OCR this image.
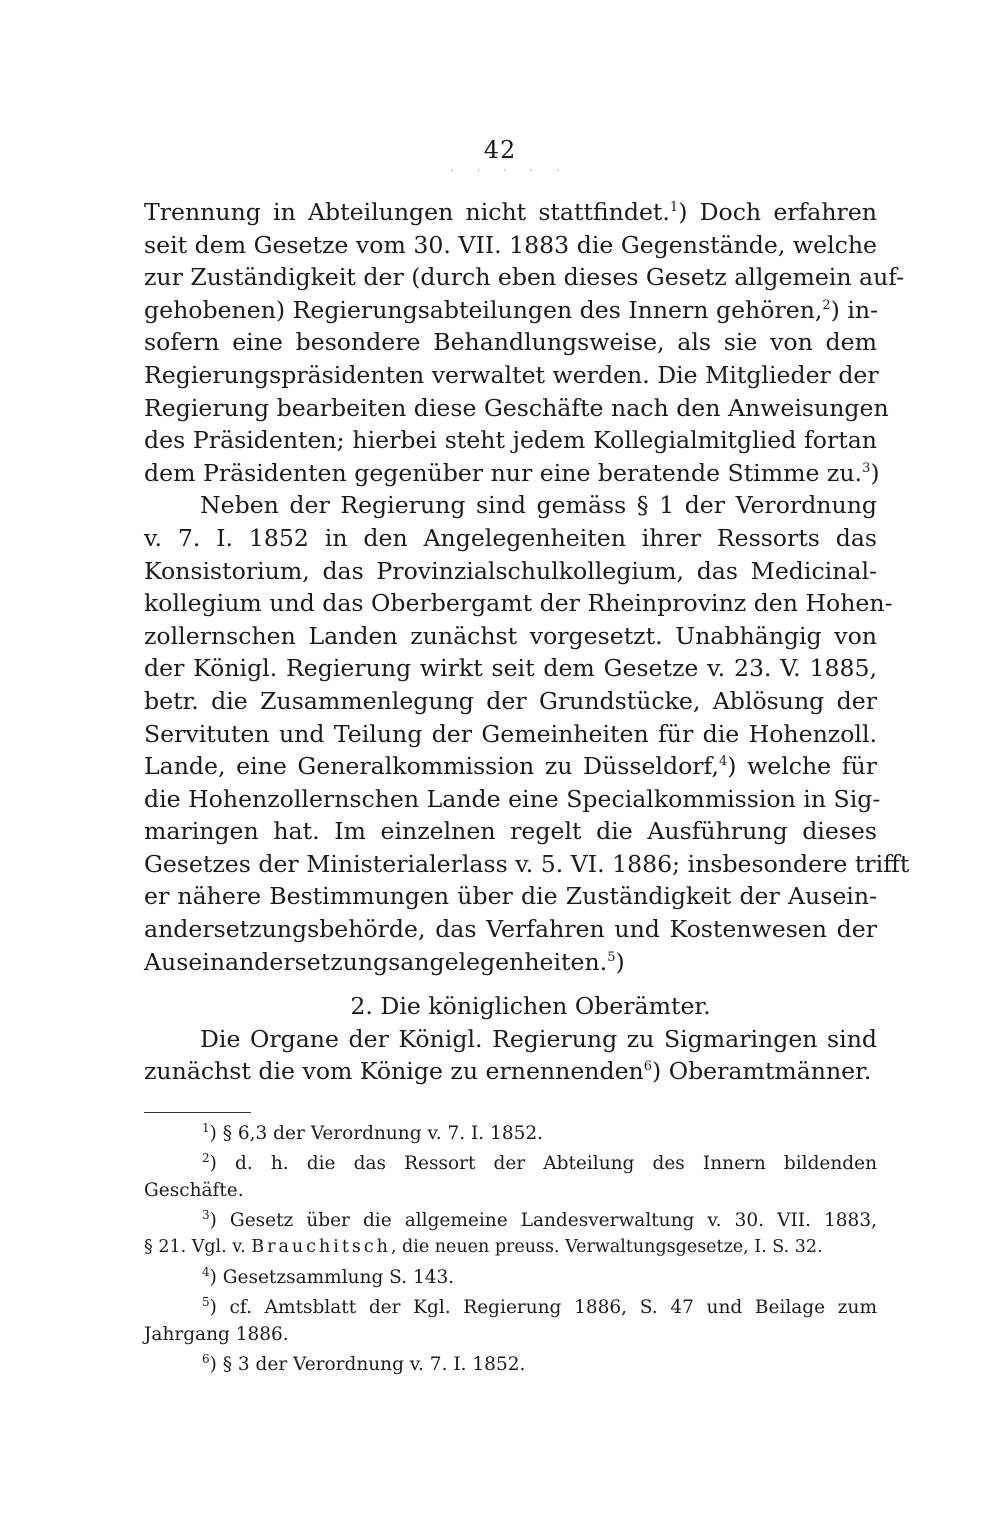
42
· · · · ·
Trennung in Abteilungen nicht stattfindet.$^1$) Doch erfahren
seit dem Gesetze vom 30. VII. 1883 die Gegenstände, welche
zur Zuständigkeit der (durch eben dieses Gesetz allgemein auf-
gehobenen) Regierungsabteilungen des Innern gehören,$^2$) in-
sofern eine besondere Behandlungsweise, als sie von dem
Regierungspräsidenten verwaltet werden. Die Mitglieder der
Regierung bearbeiten diese Geschäfte nach den Anweisungen
des Präsidenten; hierbei steht jedem Kollegialmitglied fortan
dem Präsidenten gegenüber nur eine beratende Stimme zu.$^3$)
Neben der Regierung sind gemäss § 1 der Verordnung
v. 7. I. 1852 in den Angelegenheiten ihrer Ressorts das
Konsistorium, das Provinzialschulkollegium, das Medicinal-
kollegium und das Oberbergamt der Rheinprovinz den Hohen-
zollernschen Landen zunächst vorgesetzt. Unabhängig von
der Königl. Regierung wirkt seit dem Gesetze v. 23. V. 1885,
betr. die Zusammenlegung der Grundstücke, Ablösung der
Servituten und Teilung der Gemeinheiten für die Hohenzoll.
Lande, eine Generalkommission zu Düsseldorf,$^4$) welche für
die Hohenzollernschen Lande eine Specialkommission in Sig-
maringen hat. Im einzelnen regelt die Ausführung dieses
Gesetzes der Ministerialerlass v. 5. VI. 1886; insbesondere trifft
er nähere Bestimmungen über die Zuständigkeit der Ausein-
andersetzungsbehörde, das Verfahren und Kostenwesen der
Auseinandersetzungsangelegenheiten.$^5$)
2. Die königlichen Oberämter.
Die Organe der Königl. Regierung zu Sigmaringen sind
zunächst die vom Könige zu ernennenden$^6$) Oberamtmänner.
$^1$) § 6,3 der Verordnung v. 7. I. 1852.
$^2$) d. h. die das Ressort der Abteilung des Innern bildenden
Geschäfte.
$^3$) Gesetz über die allgemeine Landesverwaltung v. 30. VII. 1883,
§ 21. Vgl. v. Brauchitsch, die neuen preuss. Verwaltungsgesetze, I. S. 32.
$^4$) Gesetzsammlung S. 143.
$^5$) cf. Amtsblatt der Kgl. Regierung 1886, S. 47 und Beilage zum
Jahrgang 1886.
$^6$) § 3 der Verordnung v. 7. I. 1852.
